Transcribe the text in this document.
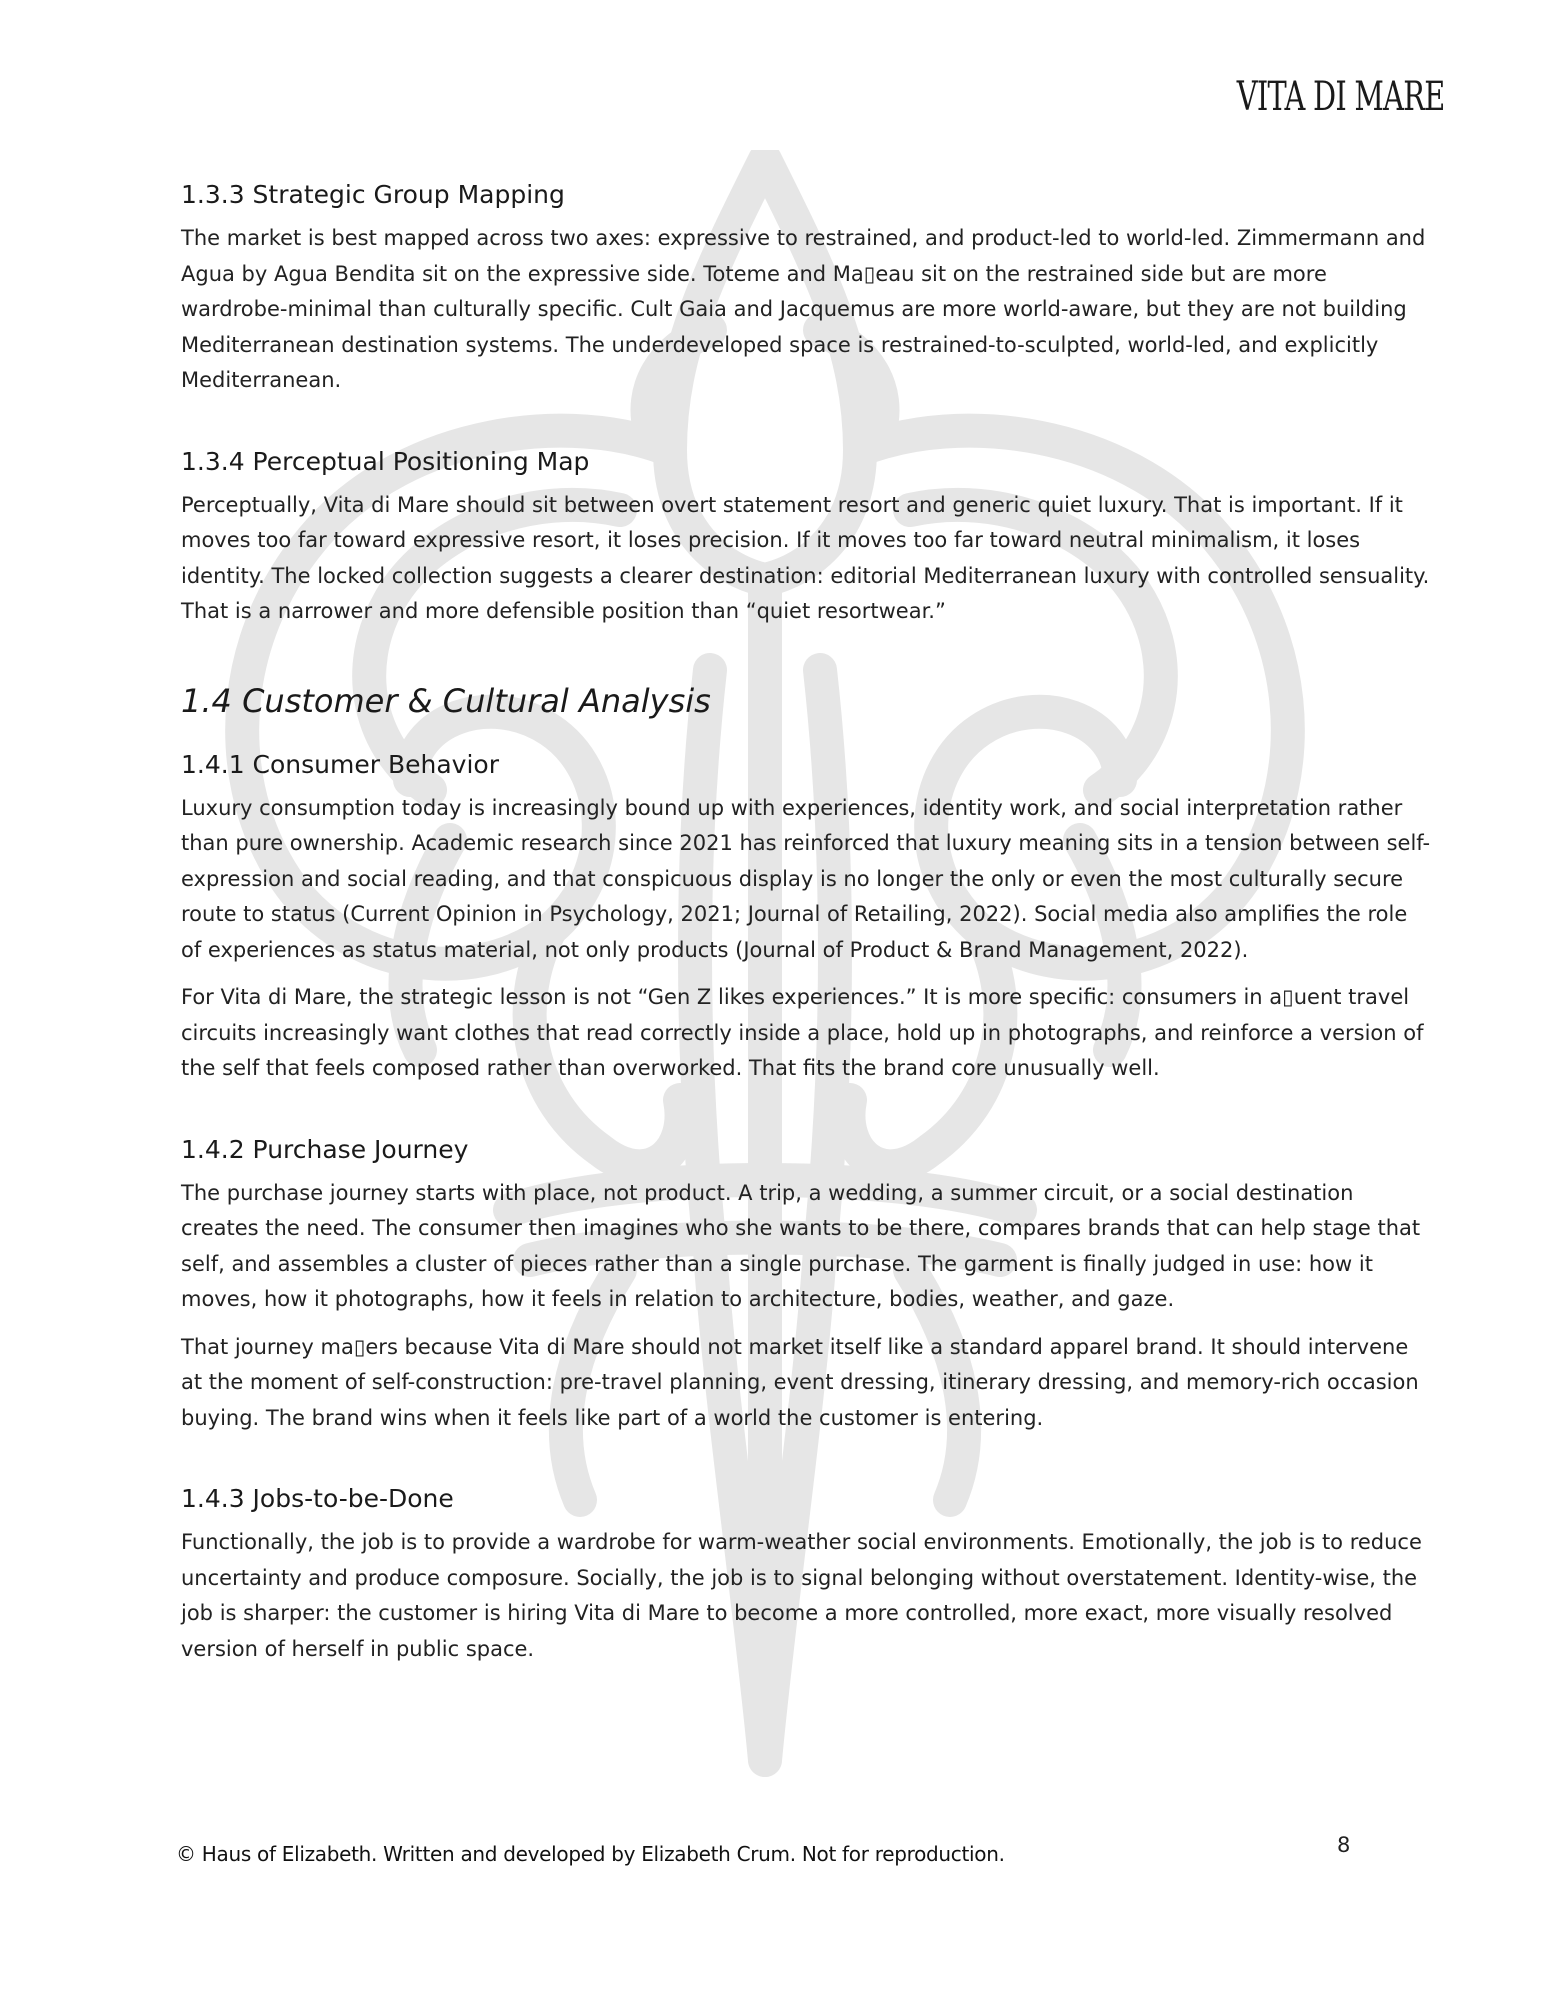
VITA DI MARE
1.3.3 Strategic Group Mapping

The market is best mapped across two axes: expressive to restrained, and product-led to world-led. Zimmermann and Agua by Agua Bendita sit on the expressive side. Toteme and Ma▯eau sit on the restrained side but are more wardrobe-minimal than culturally specific. Cult Gaia and Jacquemus are more world-aware, but they are not building Mediterranean destination systems. The underdeveloped space is restrained-to-sculpted, world-led, and explicitly Mediterranean.

1.3.4 Perceptual Positioning Map

Perceptually, Vita di Mare should sit between overt statement resort and generic quiet luxury. That is important. If it moves too far toward expressive resort, it loses precision. If it moves too far toward neutral minimalism, it loses identity. The locked collection suggests a clearer destination: editorial Mediterranean luxury with controlled sensuality. That is a narrower and more defensible position than “quiet resortwear.”

1.4 Customer & Cultural Analysis
1.4.1 Consumer Behavior

Luxury consumption today is increasingly bound up with experiences, identity work, and social interpretation rather than pure ownership. Academic research since 2021 has reinforced that luxury meaning sits in a tension between self-expression and social reading, and that conspicuous display is no longer the only or even the most culturally secure route to status (Current Opinion in Psychology, 2021; Journal of Retailing, 2022). Social media also amplifies the role of experiences as status material, not only products (Journal of Product & Brand Management, 2022).

For Vita di Mare, the strategic lesson is not “Gen Z likes experiences.” It is more specific: consumers in a▯uent travel circuits increasingly want clothes that read correctly inside a place, hold up in photographs, and reinforce a version of the self that feels composed rather than overworked. That fits the brand core unusually well.

1.4.2 Purchase Journey

The purchase journey starts with place, not product. A trip, a wedding, a summer circuit, or a social destination creates the need. The consumer then imagines who she wants to be there, compares brands that can help stage that self, and assembles a cluster of pieces rather than a single purchase. The garment is finally judged in use: how it moves, how it photographs, how it feels in relation to architecture, bodies, weather, and gaze.

That journey ma▯ers because Vita di Mare should not market itself like a standard apparel brand. It should intervene at the moment of self-construction: pre-travel planning, event dressing, itinerary dressing, and memory-rich occasion buying. The brand wins when it feels like part of a world the customer is entering.

1.4.3 Jobs-to-be-Done

Functionally, the job is to provide a wardrobe for warm-weather social environments. Emotionally, the job is to reduce uncertainty and produce composure. Socially, the job is to signal belonging without overstatement. Identity-wise, the job is sharper: the customer is hiring Vita di Mare to become a more controlled, more exact, more visually resolved version of herself in public space.

© Haus of Elizabeth. Written and developed by Elizabeth Crum. Not for reproduction.	8
